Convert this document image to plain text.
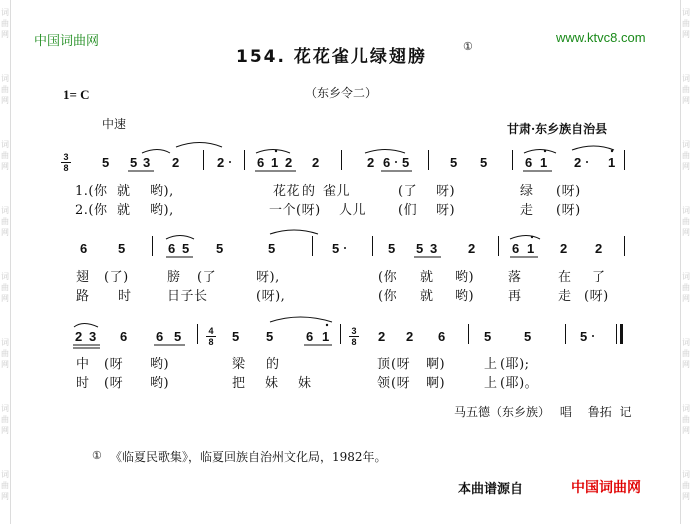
词
曲
网
词
曲
网
词
曲
网
词
曲
网
词
曲
网
词
曲
网
词
曲
网
词
曲
网
词
曲
网
词
曲
网
词
曲
网
词
曲
网
词
曲
网
词
曲
网
词
曲
网
词
曲
网
中国词曲网	www.ktvc8.com
154. 花花雀儿绿翅膀
①
1= C	（东乡令二）
中速	甘肃·东乡族自治县
3
8	5 5 3 2	2	6 1 2 2	2 6 5	5 5	6 1 2 1
1.(你 就 哟),	花花 的 雀儿	(了 呀)	绿 (呀)
2.(你 就 哟),	一个 (呀) 人儿 (们 呀)	走 (呀)
6 5	6 5 5	5	5	5 5 3 2	6 1 2 2
翅 (了)	膀 (了	呀),	(你 就 哟)	落	在 了
路 时	日子长	(呀),	(你 就 哟)	再	走 (呀)
2 3 6 6 5	4
8 5 5	6 1 3
8 2 2 6	5	5	5
中 (呀 哟)	梁 的	顶 (呀 啊)	上 (耶);
时 (呀 哟)	把 妹 妹	领 (呀 啊)	上 (耶)。
马五德（东乡族） 唱 鲁拓 记
① 《临夏民歌集》，临夏回族自治州文化局，1982年。
本曲谱源自	中国词曲网
